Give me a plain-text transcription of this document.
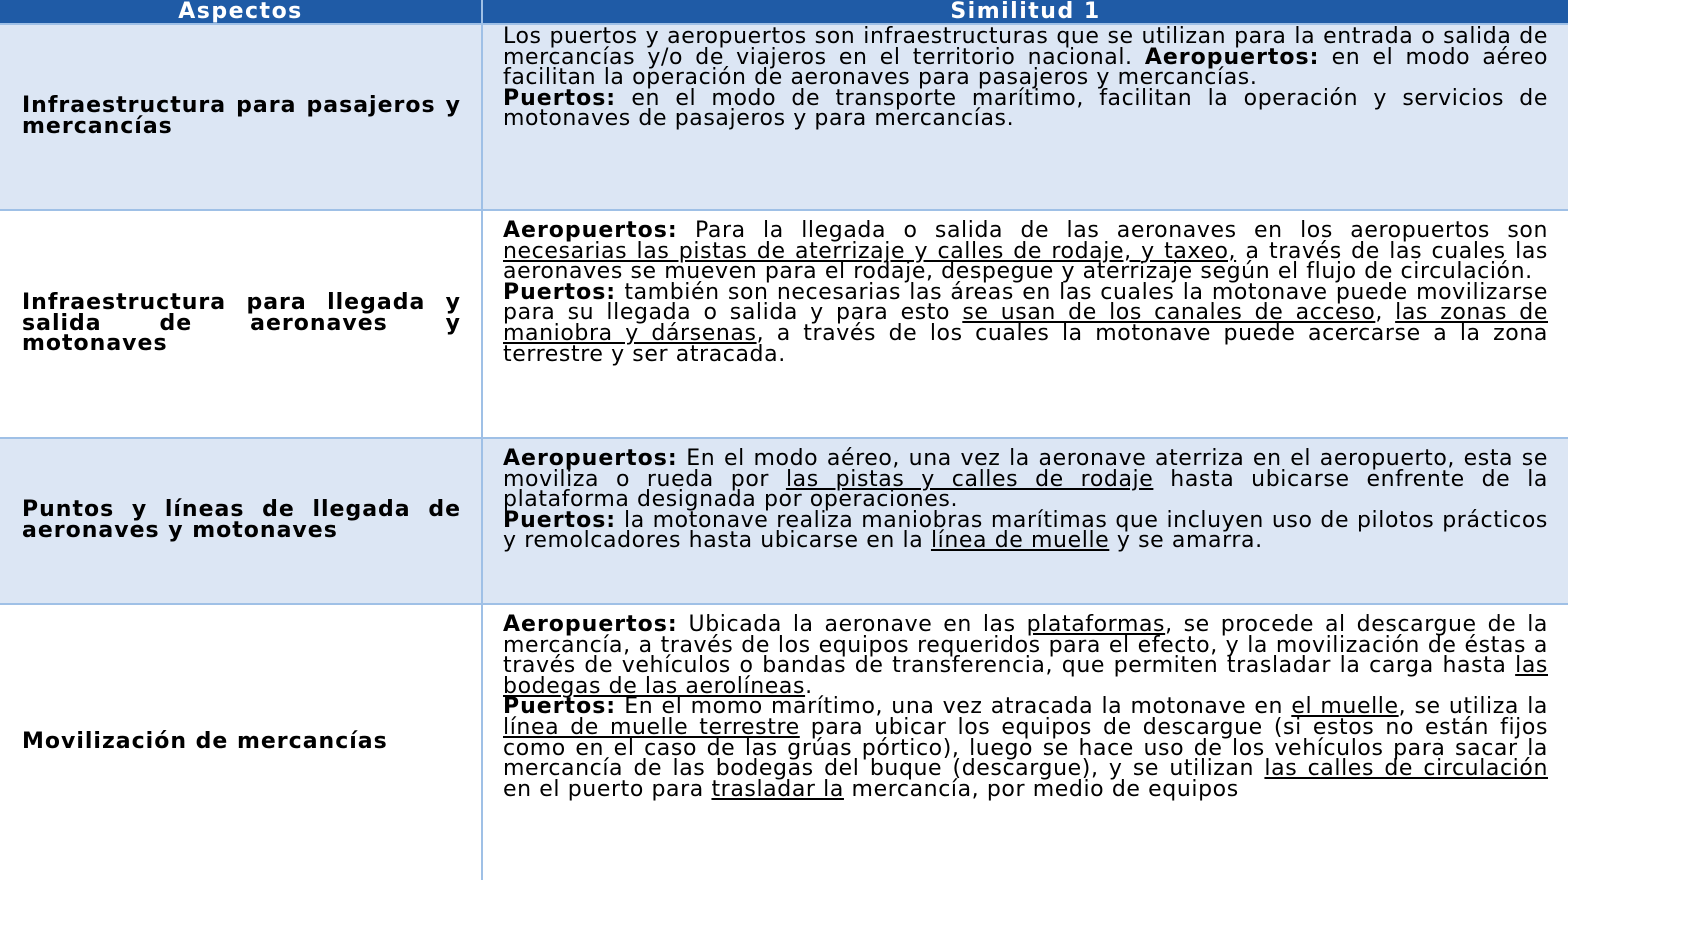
Aspectos	Similitud 1
Infraestructura para pasajeros y mercancías	Los puertos y aeropuertos son infraestructuras que se utilizan para la entrada o salida de mercancías y/o de viajeros en el territorio nacional. Aeropuertos: en el modo aéreo facilitan la operación de aeronaves para pasajeros y mercancías.

Puertos: en el modo de transporte marítimo, facilitan la operación y servicios de motonaves de pasajeros y para mercancías.

Infraestructura para llegada y salida de aeronaves y motonaves	Aeropuertos: Para la llegada o salida de las aeronaves en los aeropuertos son necesarias las pistas de aterrizaje y calles de rodaje, y taxeo, a través de las cuales las aeronaves se mueven para el rodaje, despegue y aterrizaje según el flujo de circulación.

Puertos: también son necesarias las áreas en las cuales la motonave puede movilizarse para su llegada o salida y para esto se usan de los canales de acceso, las zonas de maniobra y dársenas, a través de los cuales la motonave puede acercarse a la zona terrestre y ser atracada.

Puntos y líneas de llegada de aeronaves y motonaves	Aeropuertos: En el modo aéreo, una vez la aeronave aterriza en el aeropuerto, esta se moviliza o rueda por las pistas y calles de rodaje hasta ubicarse enfrente de la plataforma designada por operaciones.

Puertos: la motonave realiza maniobras marítimas que incluyen uso de pilotos prácticos y remolcadores hasta ubicarse en la línea de muelle y se amarra.

Movilización de mercancías	Aeropuertos: Ubicada la aeronave en las plataformas, se procede al descargue de la mercancía, a través de los equipos requeridos para el efecto, y la movilización de éstas a través de vehículos o bandas de transferencia, que permiten trasladar la carga hasta las bodegas de las aerolíneas.

Puertos: En el momo marítimo, una vez atracada la motonave en el muelle, se utiliza la línea de muelle terrestre para ubicar los equipos de descargue (si estos no están fijos como en el caso de las grúas pórtico), luego se hace uso de los vehículos para sacar la mercancía de las bodegas del buque (descargue), y se utilizan las calles de circulación en el puerto para trasladar la mercancía, por medio de equipos
